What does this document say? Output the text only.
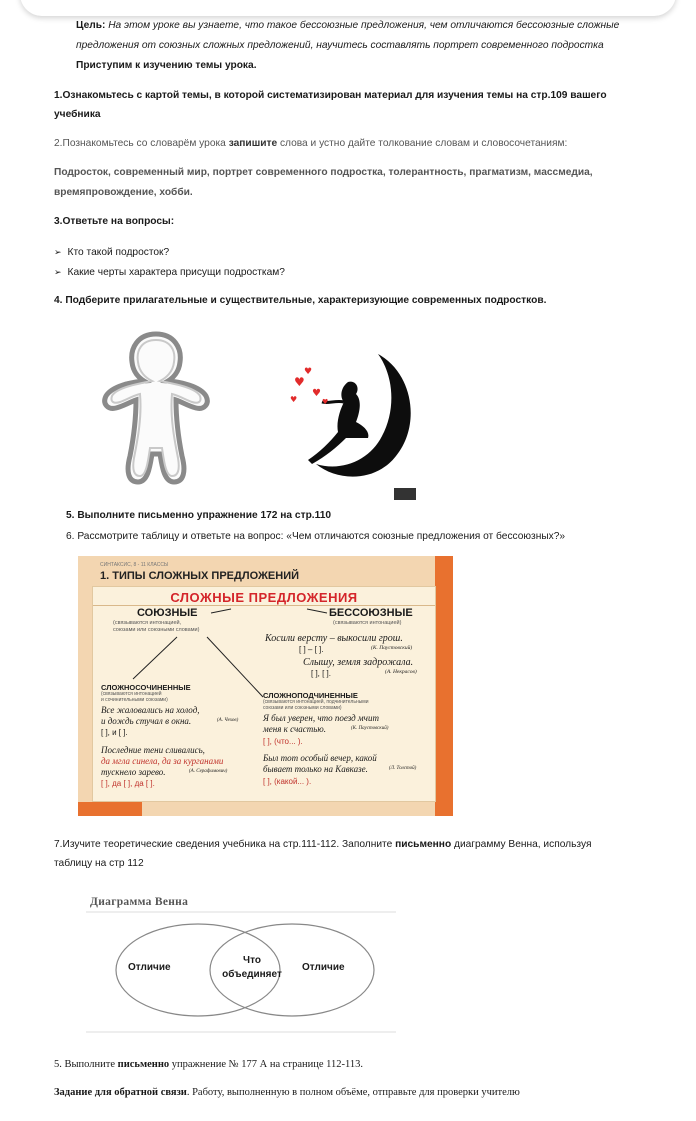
Цель: На этом уроке вы узнаете, что такое бессоюзные предложения, чем отличаются бессоюзные сложные
предложения от союзных сложных предложений, научитесь составлять портрет современного подростка
Приступим к изучению темы урока.
1.Ознакомьтесь с картой темы, в которой систематизирован материал для изучения темы на стр.109 вашего
учебника
2.Познакомьтесь со словарём урока запишите слова и устно дайте толкование словам и словосочетаниям:
Подросток, современный мир, портрет современного подростка, толерантность, прагматизм, массмедиа,
времяпровождение, хобби.
3.Ответьте на вопросы:
➢ Кто такой подросток?
➢ Какие черты характера присущи подросткам?
4. Подберите прилагательные и существительные, характеризующие современных подростков.
♥
♥
♥
♥	♥
5. Выполните письменно упражнение 172 на стр.110
6. Рассмотрите таблицу и ответьте на вопрос: «Чем отличаются союзные предложения от бессоюзных?»
СИНТАКСИС, 8 - 11 КЛАССЫ
1. ТИПЫ СЛОЖНЫХ ПРЕДЛОЖЕНИЙ
СЛОЖНЫЕ ПРЕДЛОЖЕНИЯ
СОЮЗНЫЕ
(связываются интонацией,
союзами или союзными словами)
БЕССОЮЗНЫЕ
(связываются интонацией)
Косили версту – выкосили грош.
[ ] – [ ].	(К. Паустовский)
Слышу, земля задрожала.
[ ], [ ].	(А. Некрасов)
СЛОЖНОСОЧИНЕННЫЕ
(связываются интонацией
и сочинительными союзами)
Все жаловались на холод,
и дождь стучал в окна.	(А. Чехов)
[ ], и [ ].
Последние тени сливались,
да мгла синела, да за курганами
тускнело зарево.	(А. Серафимович)
[ ], да [ ], да [ ].
СЛОЖНОПОДЧИНЕННЫЕ
(связываются интонацией, подчинительными
союзами или союзными словами)
Я был уверен, что поезд мчит
меня к счастью.	(К. Паустовский)
[ ], (что... ).
Был тот особый вечер, какой
бывает только на Кавказе.	(Л. Толстой)
[ ], (какой... ).
7.Изучите теоретические сведения учебника на стр.111-112. Заполните письменно диаграмму Венна, используя
таблицу на стр 112
Диаграмма Венна
Отличие
Что
объединяет
Отличие
5. Выполните письменно упражнение № 177 А на странице 112-113.
Задание для обратной связи. Работу, выполненную в полном объёме, отправьте для проверки учителю
